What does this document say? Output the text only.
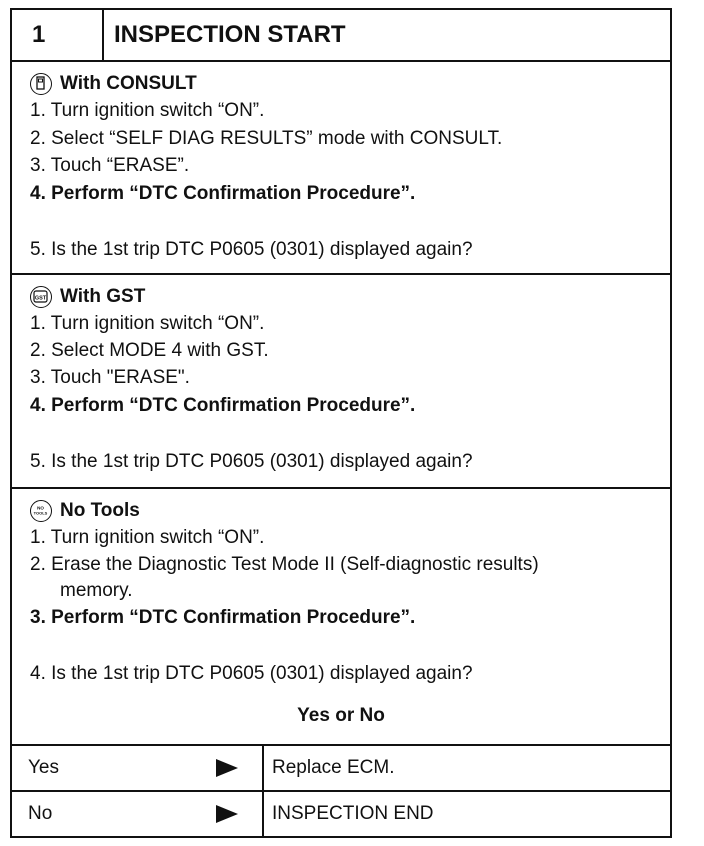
1	INSPECTION START
With CONSULT
1. Turn ignition switch “ON”.
2. Select “SELF DIAG RESULTS” mode with CONSULT.
3. Touch “ERASE”.
4. Perform “DTC Confirmation Procedure”.
5. Is the 1st trip DTC P0605 (0301) displayed again?
GST With GST
1. Turn ignition switch “ON”.
2. Select MODE 4 with GST.
3. Touch "ERASE".
4. Perform “DTC Confirmation Procedure”.
5. Is the 1st trip DTC P0605 (0301) displayed again?
NO
TOOLS No Tools
1. Turn ignition switch “ON”.
2. Erase the Diagnostic Test Mode II (Self-diagnostic results)
memory.
3. Perform “DTC Confirmation Procedure”.
4. Is the 1st trip DTC P0605 (0301) displayed again?
Yes or No
Yes	Replace ECM.
No	INSPECTION END
